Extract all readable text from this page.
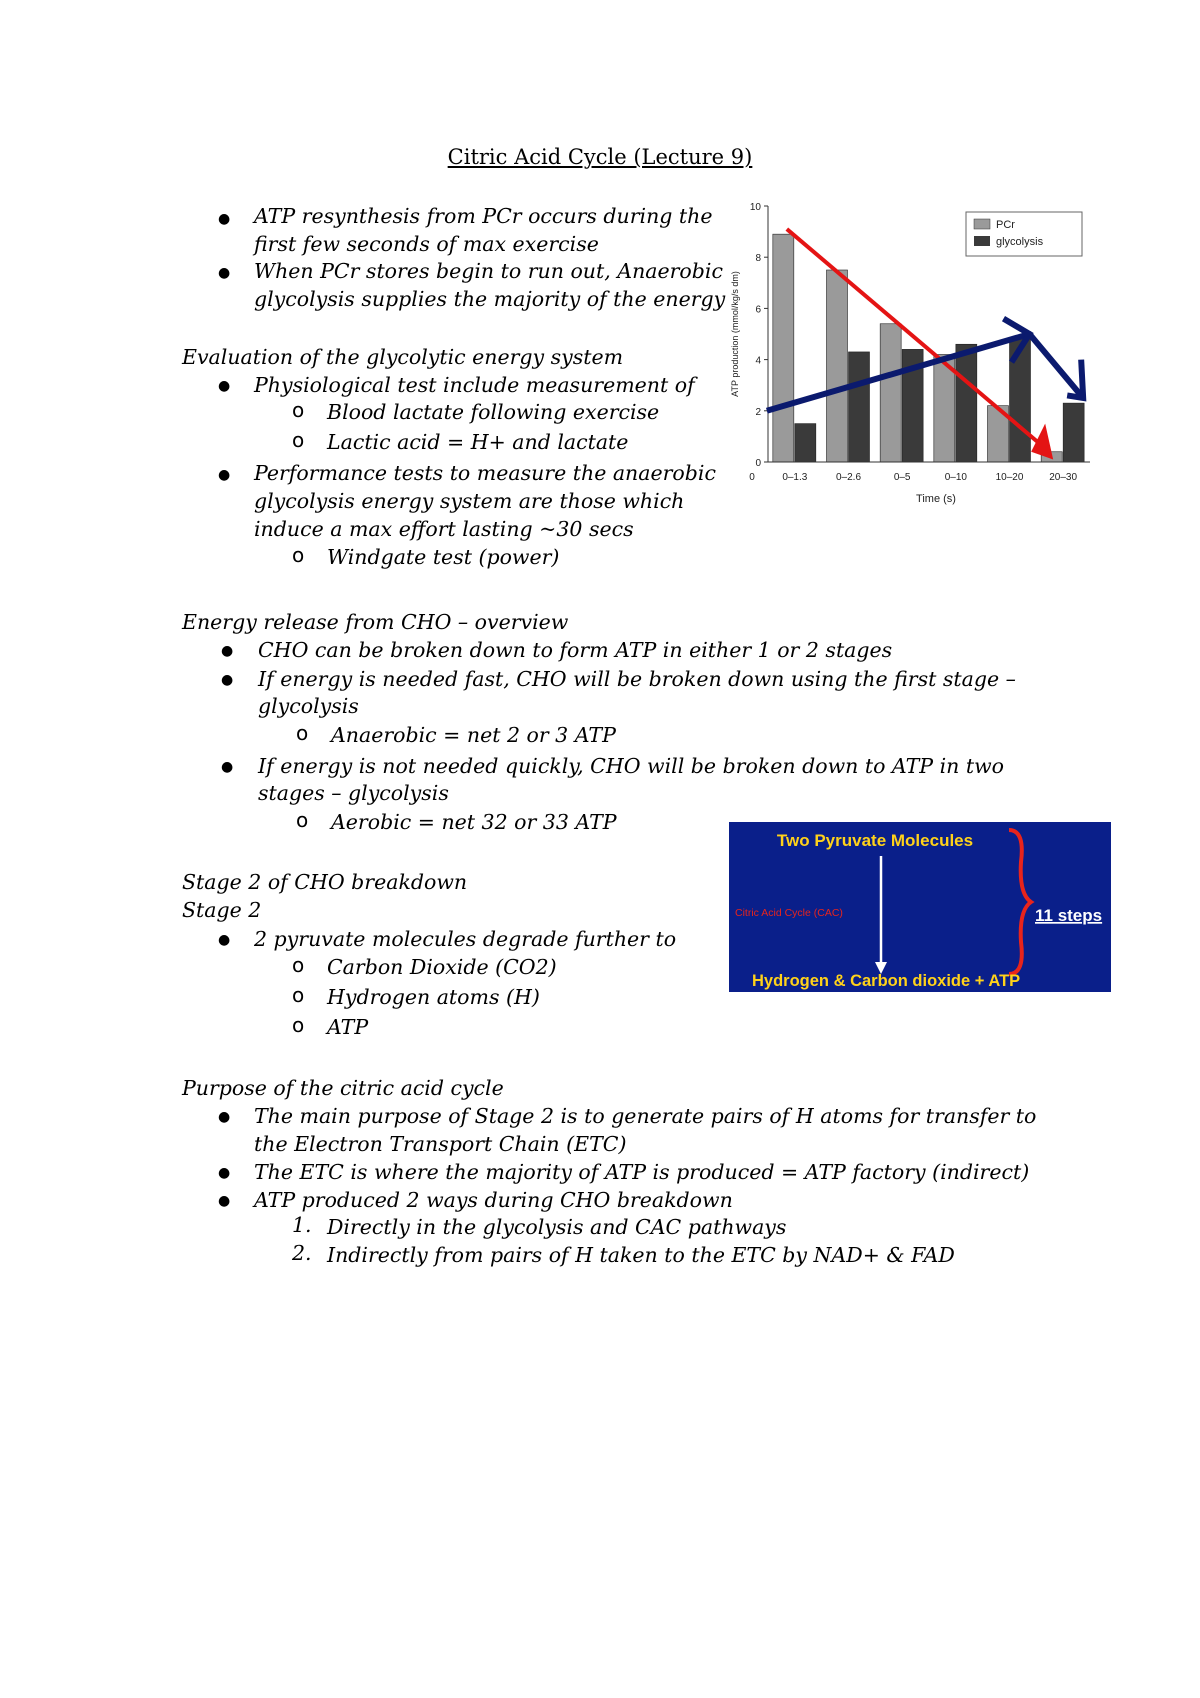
Citric Acid Cycle (Lecture 9)
● ATP resynthesis from PCr occurs during the
first few seconds of max exercise
● When PCr stores begin to run out, Anaerobic
glycolysis supplies the majority of the energy
Evaluation of the glycolytic energy system
● Physiological test include measurement of
o Blood lactate following exercise
o Lactic acid = H+ and lactate
● Performance tests to measure the anaerobic
glycolysis energy system are those which
induce a max effort lasting ~30 secs
o Windgate test (power)
Energy release from CHO – overview
● CHO can be broken down to form ATP in either 1 or 2 stages
● If energy is needed fast, CHO will be broken down using the first stage –
glycolysis
o Anaerobic = net 2 or 3 ATP
● If energy is not needed quickly, CHO will be broken down to ATP in two
stages – glycolysis
o Aerobic = net 32 or 33 ATP
Stage 2 of CHO breakdown
Stage 2
● 2 pyruvate molecules degrade further to
o Carbon Dioxide (CO2)
o Hydrogen atoms (H)
o ATP
Purpose of the citric acid cycle
● The main purpose of Stage 2 is to generate pairs of H atoms for transfer to
the Electron Transport Chain (ETC)
● The ETC is where the majority of ATP is produced = ATP factory (indirect)
● ATP produced 2 ways during CHO breakdown
1. Directly in the glycolysis and CAC pathways
2. Indirectly from pairs of H taken to the ETC by NAD+ & FAD
0
2
4
6
8
10
0–1.3	0–2.6	0–5	0–10	10–20	20–30
0
ATP production (mmol/kg/s dm)
Time (s)
PCr
glycolysis
Two Pyruvate Molecules
Citric Acid Cycle (CAC)	11 steps
Hydrogen & Carbon dioxide + ATP
